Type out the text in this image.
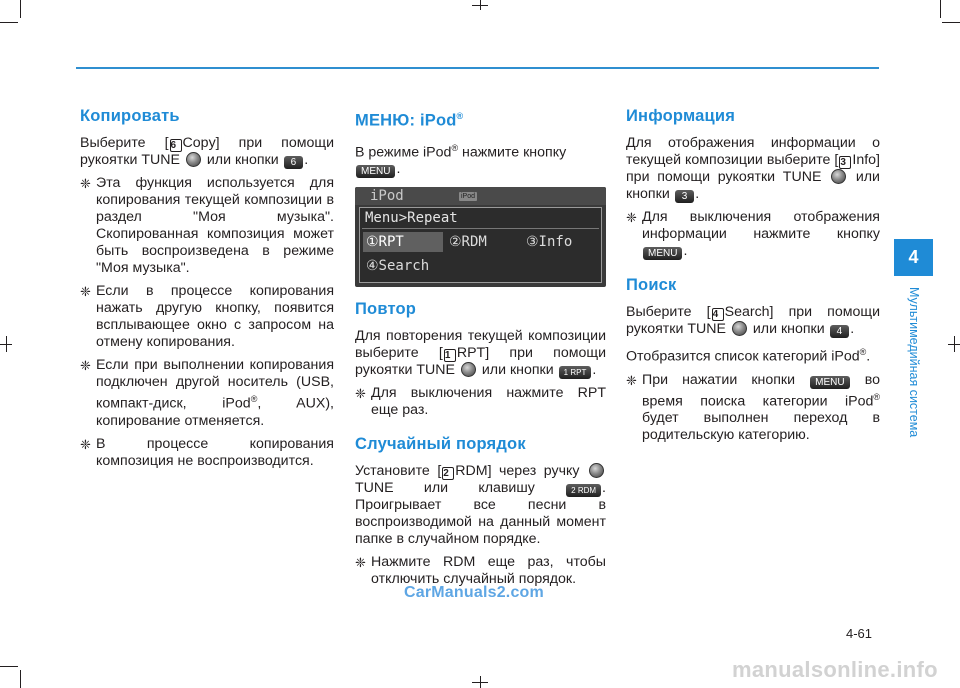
Копировать

Выберите [ 6 Copy] при помощи рукоятки TUNE или кнопки 6 .

❈ Эта функция используется для копирования текущей композиции в раздел "Моя музыка". Скопированная композиция может быть воспроизведена в режиме "Моя музыка".
❈ Если в процессе копирования нажать другую кнопку, появится всплывающее окно с запросом на отмену копирования.
❈ Если при выполнении копирования подключен другой носитель (USB, компакт-диск, iPod®, AUX), копирование отменяется.
❈ В процессе копирования композиция не воспроизводится.
МЕНЮ: iPod®

В режиме iPod® нажмите кнопку
MENU .

iPod	iPod
Menu>Repeat
①RPT	②RDM	③Info
④Search
Повтор

Для повторения текущей композиции выберите [ 1 RPT] при помощи рукоятки TUNE или кнопки 1 RPT .

❈ Для выключения нажмите RPT еще раз.
Случайный порядок

Установите [ 2 RDM] через ручку  TUNE или клавишу	2 RDM . Проигрывает все песни в воспроизводимой на данный момент папке в случайном порядке.

❈ Нажмите RDM еще раз, чтобы отключить случайный порядок.
Информация

Для отображения информации о текущей композиции выберите [ 3 Info] при помощи рукоятки TUNE или кнопки 3 .

❈ Для выключения отображения информации нажмите кнопку MENU .
Поиск

Выберите [ 4 Search] при помощи рукоятки TUNE или кнопки 4 .

Отобразится список категорий iPod®.

❈ При нажатии кнопки MENU во время поиска категории iPod® будет выполнен переход в родительскую категорию.
4
Мультимедийная система
CarManuals2.com
4-61
manualsonline.info
